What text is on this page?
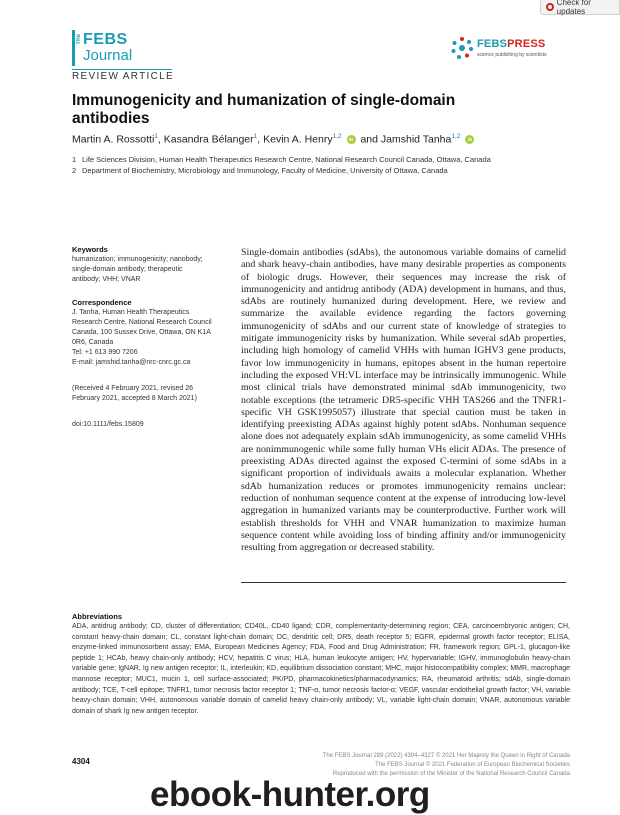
Check for updates
The FEBS
Journal
FEBSPRESS
science publishing by scientists
REVIEW ARTICLE
Immunogenicity and humanization of single-domain antibodies
Martin A. Rossotti$^1$, Kasandra Bélanger$^1$, Kevin A. Henry$^{1,2}$ iD and Jamshid Tanha$^{1,2}$ iD
1 Life Sciences Division, Human Health Therapeutics Research Centre, National Research Council Canada, Ottawa, Canada
2 Department of Biochemistry, Microbiology and Immunology, Faculty of Medicine, University of Ottawa, Canada
Keywords
humanization; immunogenicity; nanobody;
single-domain antibody; therapeutic
antibody; VHH; VNAR
Correspondence
J. Tanha, Human Health Therapeutics
Research Centre, National Research Council
Canada, 100 Sussex Drive, Ottawa, ON K1A
0R6, Canada
Tel: +1 613 990 7206
E-mail: jamshid.tanha@nrc-cnrc.gc.ca
(Received 4 February 2021, revised 26
February 2021, accepted 8 March 2021)
doi:10.1111/febs.15809

Single-domain antibodies (sdAbs), the autonomous variable domains of camelid and shark heavy-chain antibodies, have many desirable properties as components of biologic drugs. However, their sequences may increase the risk of immunogenicity and antidrug antibody (ADA) development in humans, and thus, sdAbs are routinely humanized during development. Here, we review and summarize the available evidence regarding the factors governing immunogenicity of sdAbs and our current state of knowledge of strategies to mitigate immunogenicity risks by humanization. While several sdAb properties, including high homology of camelid VHHs with human IGHV3 gene products, favor low immunogenicity in humans, epitopes absent in the human repertoire including the exposed VH:VL interface may be intrinsically immunogenic. While most clinical trials have demonstrated minimal sdAb immunogenicity, two notable exceptions (the tetrameric DR5-specific VHH TAS266 and the TNFR1-specific VH GSK1995057) illustrate that special caution must be taken in identifying preexisting ADAs against highly potent sdAbs. Nonhuman sequence alone does not adequately explain sdAb immunogenicity, as some camelid VHHs are nonimmunogenic while some fully human VHs elicit ADAs. The presence of preexisting ADAs directed against the exposed C-termini of some sdAbs in a significant proportion of individuals awaits a molecular explanation. Whether sdAb humanization reduces or promotes immunogenicity remains unclear: reduction of nonhuman sequence content at the expense of introducing low-level aggregation in humanized variants may be counterproductive. Further work will establish thresholds for VHH and VNAR humanization to maximize human sequence content while avoiding loss of binding affinity and/or immunogenicity resulting from aggregation or decreased stability.

Abbreviations

ADA, antidrug antibody; CD, cluster of differentiation; CD40L, CD40 ligand; CDR, complementarity-determining region; CEA, carcinoembryonic antigen; CH, constant heavy-chain domain; CL, constant light-chain domain; DC, dendritic cell; DR5, death receptor 5; EGFR, epidermal growth factor receptor; ELISA, enzyme-linked immunosorbent assay; EMA, European Medicines Agency; FDA, Food and Drug Administration; FR, framework region; GPL-1, glucagon-like peptide 1; HCAb, heavy chain-only antibody; HCV, hepatitis C virus; HLA, human leukocyte antigen; HV, hypervariable; IGHV, immunoglobulin heavy-chain variable gene; IgNAR, Ig new antigen receptor; IL, interleukin; KD, equilibrium dissociation constant; MHC, major histocompatibility complex; MMR, macrophage mannose receptor; MUC1, mucin 1, cell surface-associated; PK/PD, pharmacokinetics/pharmacodynamics; RA, rheumatoid arthritis; sdAb, single-domain antibody; TCE, T-cell epitope; TNFR1, tumor necrosis factor receptor 1; TNF-α, tumor necrosis factor-α; VEGF, vascular endothelial growth factor; VH, variable heavy-chain domain; VHH, autonomous variable domain of camelid heavy chain-only antibody; VL, variable light-chain domain; VNAR, autonomous variable domain of shark Ig new antigen receptor.

4304
The FEBS Journal 289 (2022) 4304–4327 © 2021 Her Majesty the Queen in Right of Canada
The FEBS Journal © 2021 Federation of European Biochemical Societies
Reproduced with the permission of the Minister of the National Research Council Canada
ebook-hunter.org
